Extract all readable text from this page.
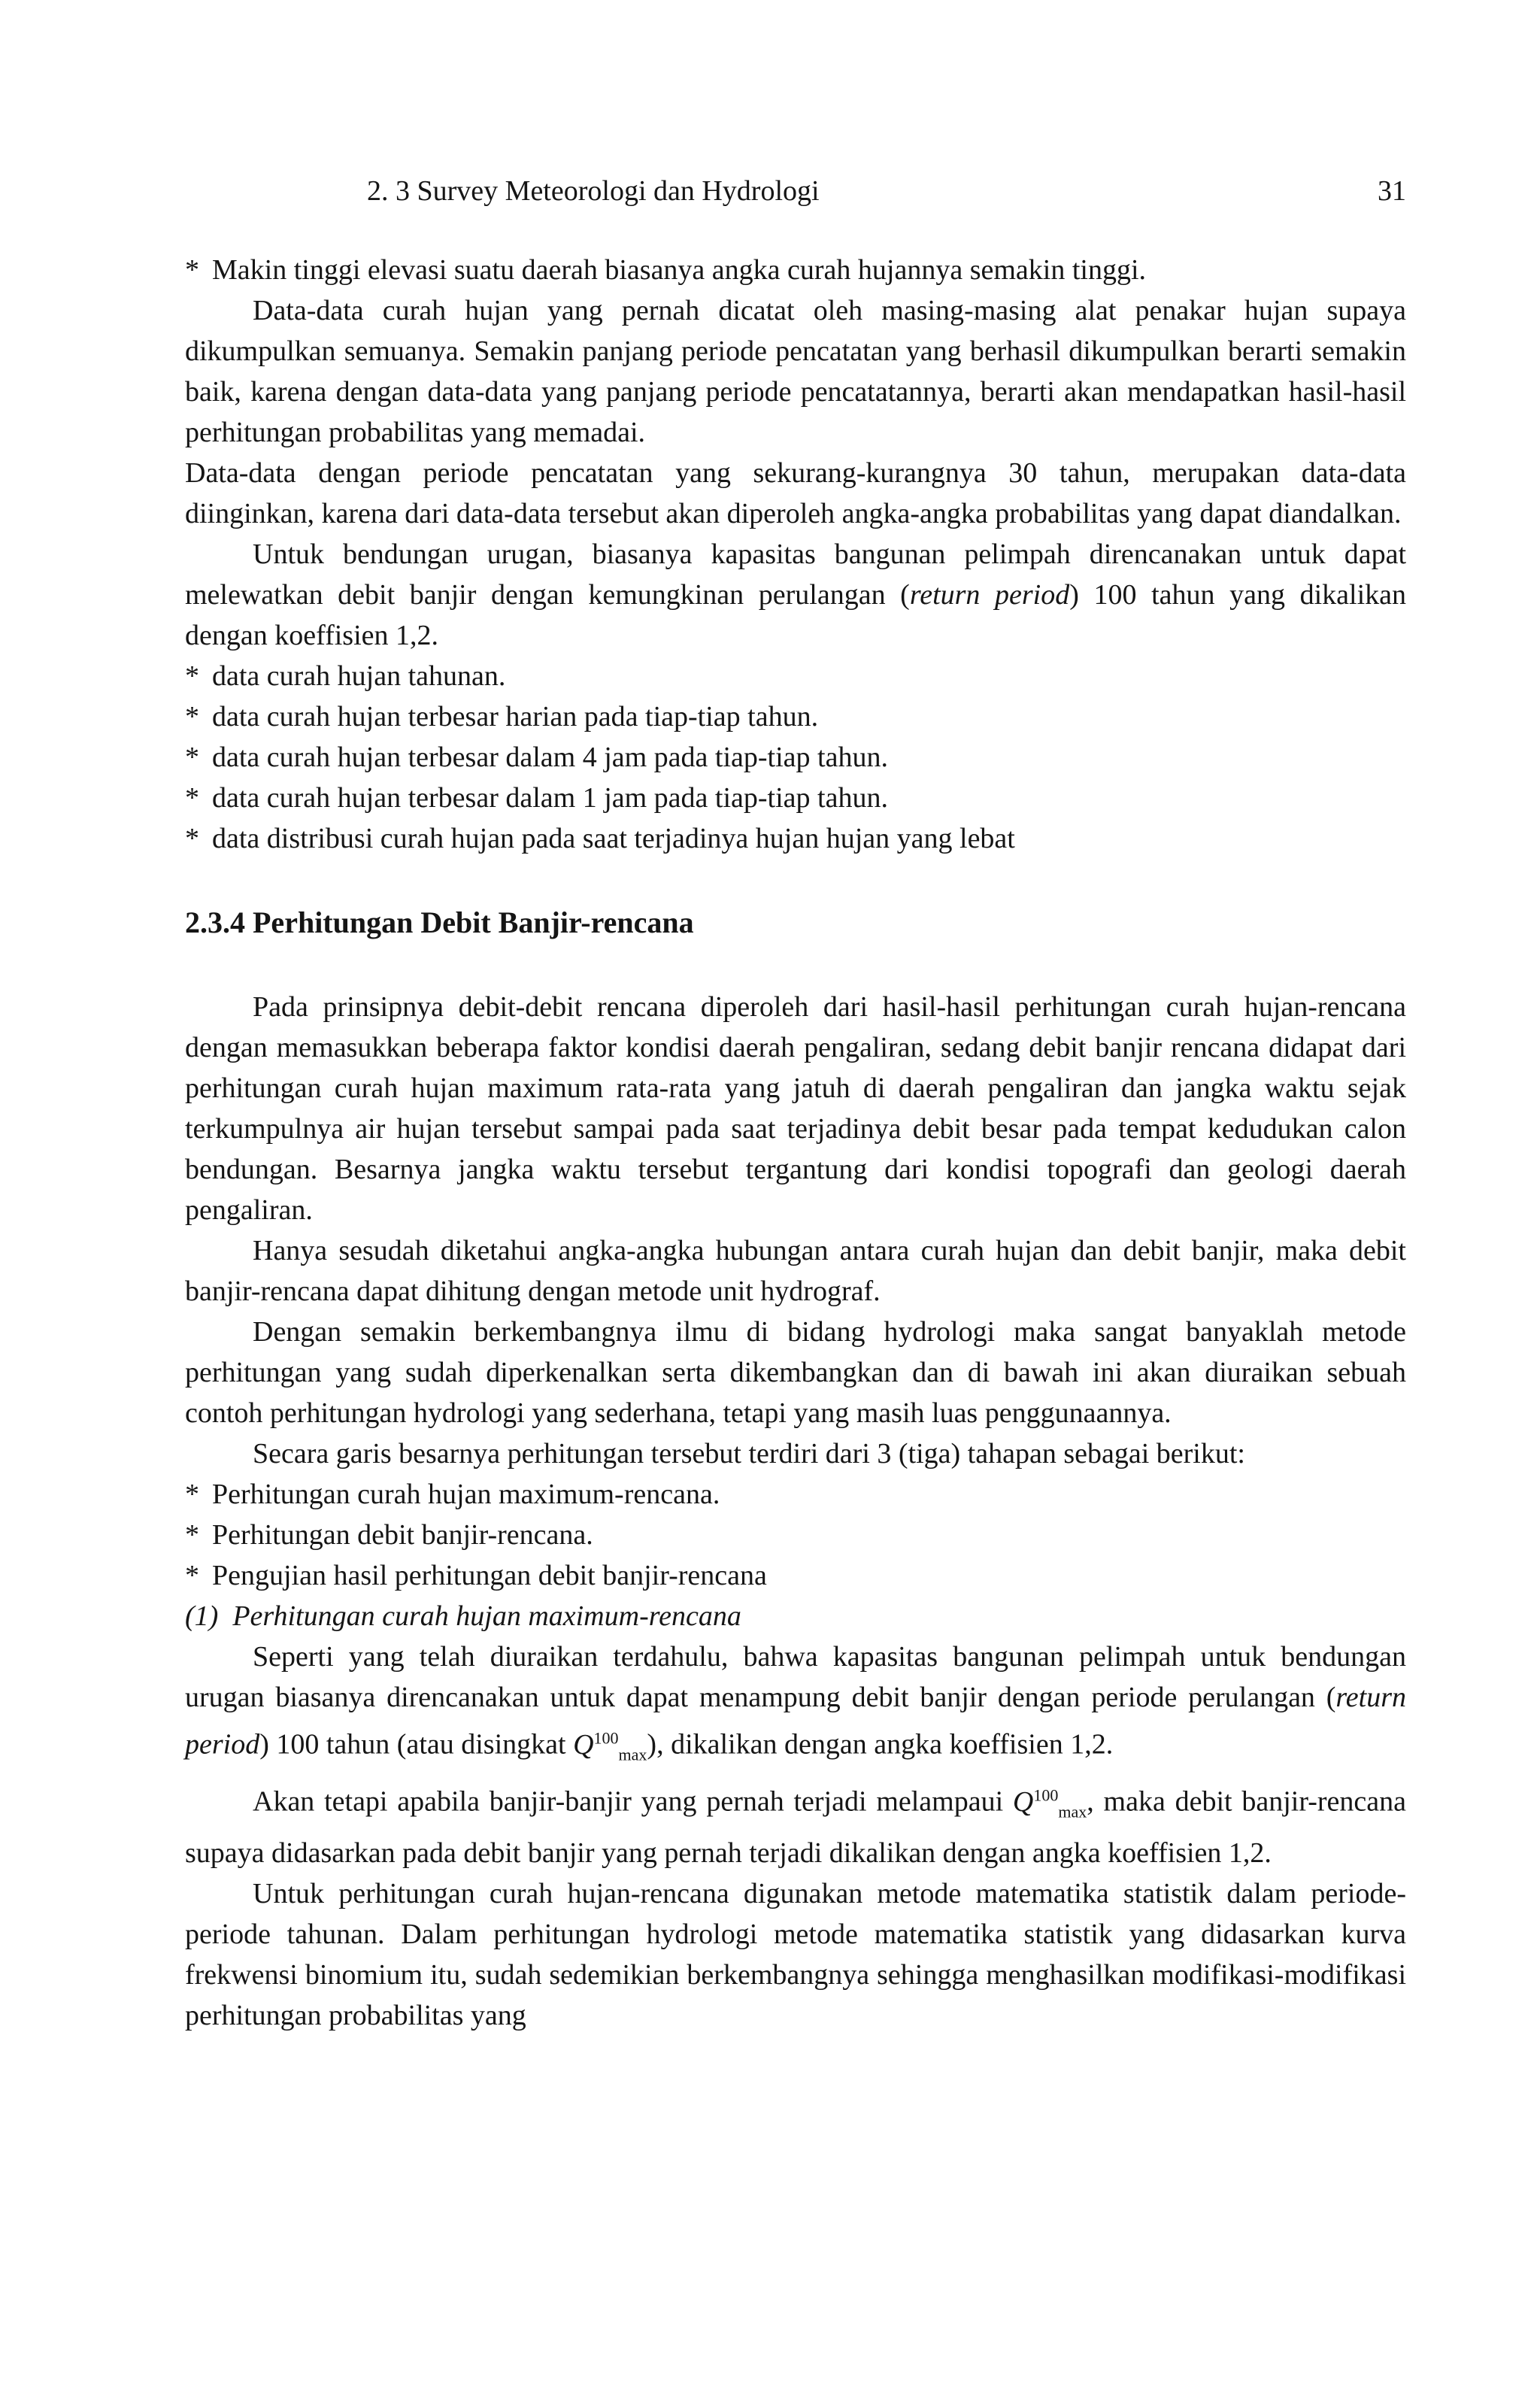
2. 3 Survey Meteorologi dan Hydrologi	31

* Makin tinggi elevasi suatu daerah biasanya angka curah hujannya semakin tinggi.

Data-data curah hujan yang pernah dicatat oleh masing-masing alat penakar hujan supaya dikumpulkan semuanya. Semakin panjang periode pencatatan yang berhasil dikumpulkan berarti semakin baik, karena dengan data-data yang panjang periode pencatatannya, berarti akan mendapatkan hasil-hasil perhitungan probabilitas yang memadai.

Data-data dengan periode pencatatan yang sekurang-kurangnya 30 tahun, merupakan data-data diinginkan, karena dari data-data tersebut akan diperoleh angka-angka probabilitas yang dapat diandalkan.

Untuk bendungan urugan, biasanya kapasitas bangunan pelimpah direncanakan untuk dapat melewatkan debit banjir dengan kemungkinan perulangan (return period) 100 tahun yang dikalikan dengan koeffisien 1,2.

* data curah hujan tahunan.

* data curah hujan terbesar harian pada tiap-tiap tahun.

* data curah hujan terbesar dalam 4 jam pada tiap-tiap tahun.

* data curah hujan terbesar dalam 1 jam pada tiap-tiap tahun.

* data distribusi curah hujan pada saat terjadinya hujan hujan yang lebat

2.3.4 Perhitungan Debit Banjir-rencana

Pada prinsipnya debit-debit rencana diperoleh dari hasil-hasil perhitungan curah hujan-rencana dengan memasukkan beberapa faktor kondisi daerah pengaliran, sedang debit banjir rencana didapat dari perhitungan curah hujan maximum rata-rata yang jatuh di daerah pengaliran dan jangka waktu sejak terkumpulnya air hujan tersebut sampai pada saat terjadinya debit besar pada tempat kedudukan calon bendungan. Besarnya jangka waktu tersebut tergantung dari kondisi topografi dan geologi daerah pengaliran.

Hanya sesudah diketahui angka-angka hubungan antara curah hujan dan debit banjir, maka debit banjir-rencana dapat dihitung dengan metode unit hydrograf.

Dengan semakin berkembangnya ilmu di bidang hydrologi maka sangat banyaklah metode perhitungan yang sudah diperkenalkan serta dikembangkan dan di bawah ini akan diuraikan sebuah contoh perhitungan hydrologi yang sederhana, tetapi yang masih luas penggunaannya.

Secara garis besarnya perhitungan tersebut terdiri dari 3 (tiga) tahapan sebagai berikut:

* Perhitungan curah hujan maximum-rencana.

* Perhitungan debit banjir-rencana.

* Pengujian hasil perhitungan debit banjir-rencana

(1) Perhitungan curah hujan maximum-rencana

Seperti yang telah diuraikan terdahulu, bahwa kapasitas bangunan pelimpah untuk bendungan urugan biasanya direncanakan untuk dapat menampung debit banjir dengan periode perulangan (return period) 100 tahun (atau disingkat $Q^{100}_{max}$), dikalikan dengan angka koeffisien 1,2.

Akan tetapi apabila banjir-banjir yang pernah terjadi melampaui $Q^{100}_{max}$, maka debit banjir-rencana supaya didasarkan pada debit banjir yang pernah terjadi dikalikan dengan angka koeffisien 1,2.

Untuk perhitungan curah hujan-rencana digunakan metode matematika statistik dalam periode-periode tahunan. Dalam perhitungan hydrologi metode matematika statistik yang didasarkan kurva frekwensi binomium itu, sudah sedemikian berkembangnya sehingga menghasilkan modifikasi-modifikasi perhitungan probabilitas yang
